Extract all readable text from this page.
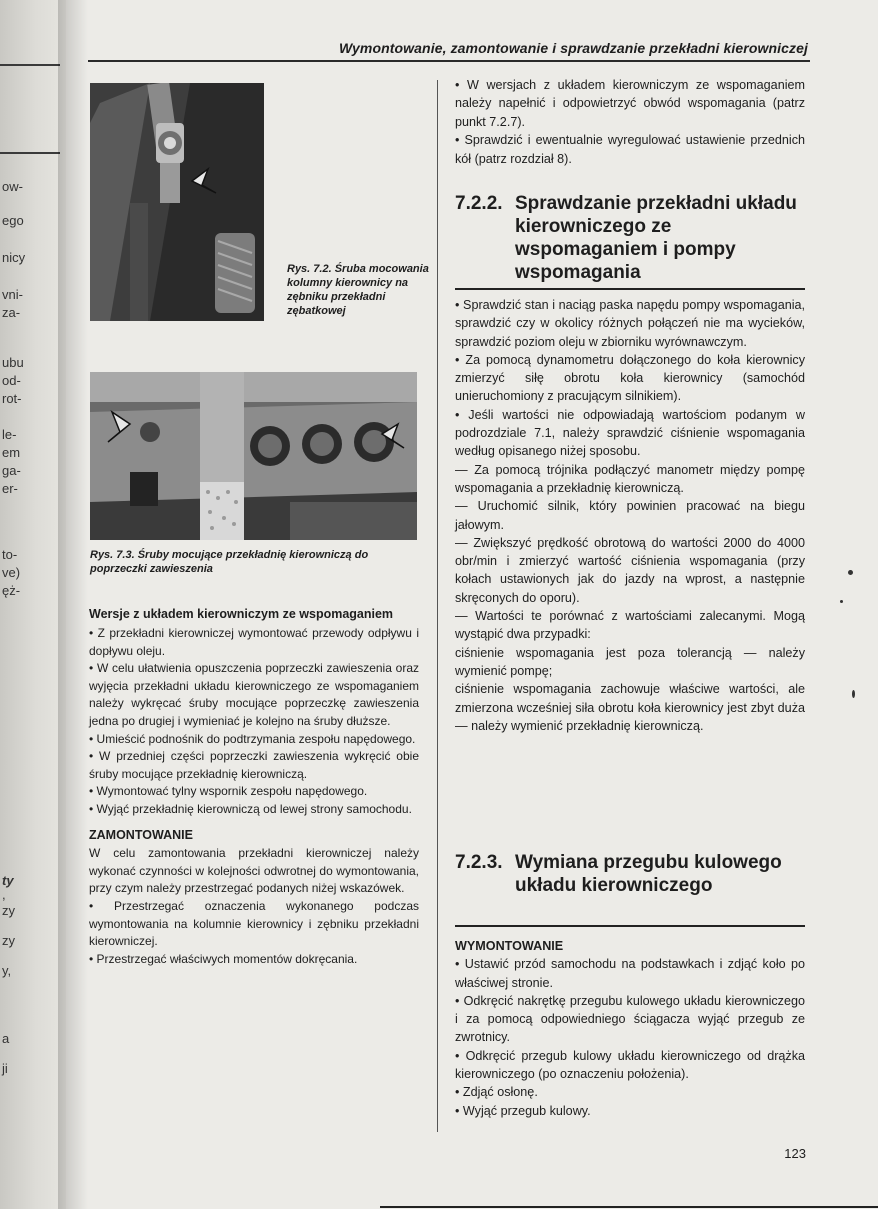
ow-
ego
nicy
vni-
za-
ubu
od-
rot-
le-
em
ga-
er-
to-
ve)
ęż-
ty
,
zy
zy
y,
a
ji
Wymontowanie, zamontowanie i sprawdzanie przekładni kierowniczej
Rys. 7.2. Śruba mocowania kolumny kierownicy na zębniku przekładni zębatkowej
Rys. 7.3. Śruby mocujące przekładnię kierowniczą do poprzeczki zawieszenia

Wersje z układem kierowniczym ze wspomaganiem

• Z przekładni kierowniczej wymontować przewody odpływu i dopływu oleju.

• W celu ułatwienia opuszczenia poprzeczki zawieszenia oraz wyjęcia przekładni układu kierowniczego ze wspomaganiem należy wykręcać śruby mocujące poprzeczkę zawieszenia jedna po drugiej i wymieniać je kolejno na śruby dłuższe.

• Umieścić podnośnik do podtrzymania zespołu napędowego.

• W przedniej części poprzeczki zawieszenia wykręcić obie śruby mocujące przekładnię kierowniczą.

• Wymontować tylny wspornik zespołu napędowego.

• Wyjąć przekładnię kierowniczą od lewej strony samochodu.

ZAMONTOWANIE

W celu zamontowania przekładni kierowniczej należy wykonać czynności w kolejności odwrotnej do wymontowania, przy czym należy przestrzegać podanych niżej wskazówek.

• Przestrzegać oznaczenia wykonanego podczas wymontowania na kolumnie kierownicy i zębniku przekładni kierowniczej.

• Przestrzegać właściwych momentów dokręcania.

• W wersjach z układem kierowniczym ze wspomaganiem należy napełnić i odpowietrzyć obwód wspomagania (patrz punkt 7.2.7).

• Sprawdzić i ewentualnie wyregulować ustawienie przednich kół (patrz rozdział 8).

7.2.2. Sprawdzanie przekładni układu kierowniczego ze wspomaganiem i pompy wspomagania

• Sprawdzić stan i naciąg paska napędu pompy wspomagania, sprawdzić czy w okolicy różnych połączeń nie ma wycieków, sprawdzić poziom oleju w zbiorniku wyrównawczym.

• Za pomocą dynamometru dołączonego do koła kierownicy zmierzyć siłę obrotu koła kierownicy (samochód unieruchomiony z pracującym silnikiem).

• Jeśli wartości nie odpowiadają wartościom podanym w podrozdziale 7.1, należy sprawdzić ciśnienie wspomagania według opisanego niżej sposobu.

— Za pomocą trójnika podłączyć manometr między pompę wspomagania a przekładnię kierowniczą.

— Uruchomić silnik, który powinien pracować na biegu jałowym.

— Zwiększyć prędkość obrotową do wartości 2000 do 4000 obr/min i zmierzyć wartość ciśnienia wspomagania (przy kołach ustawionych jak do jazdy na wprost, a następnie skręconych do oporu).

— Wartości te porównać z wartościami zalecanymi. Mogą wystąpić dwa przypadki:

ciśnienie wspomagania jest poza tolerancją — należy wymienić pompę;

ciśnienie wspomagania zachowuje właściwe wartości, ale zmierzona wcześniej siła obrotu koła kierownicy jest zbyt duża — należy wymienić przekładnię kierowniczą.

7.2.3. Wymiana przegubu kulowego układu kierowniczego

WYMONTOWANIE

• Ustawić przód samochodu na podstawkach i zdjąć koło po właściwej stronie.

• Odkręcić nakrętkę przegubu kulowego układu kierowniczego i za pomocą odpowiedniego ściągacza wyjąć przegub ze zwrotnicy.

• Odkręcić przegub kulowy układu kierowniczego od drążka kierowniczego (po oznaczeniu położenia).

• Zdjąć osłonę.

• Wyjąć przegub kulowy.

123
